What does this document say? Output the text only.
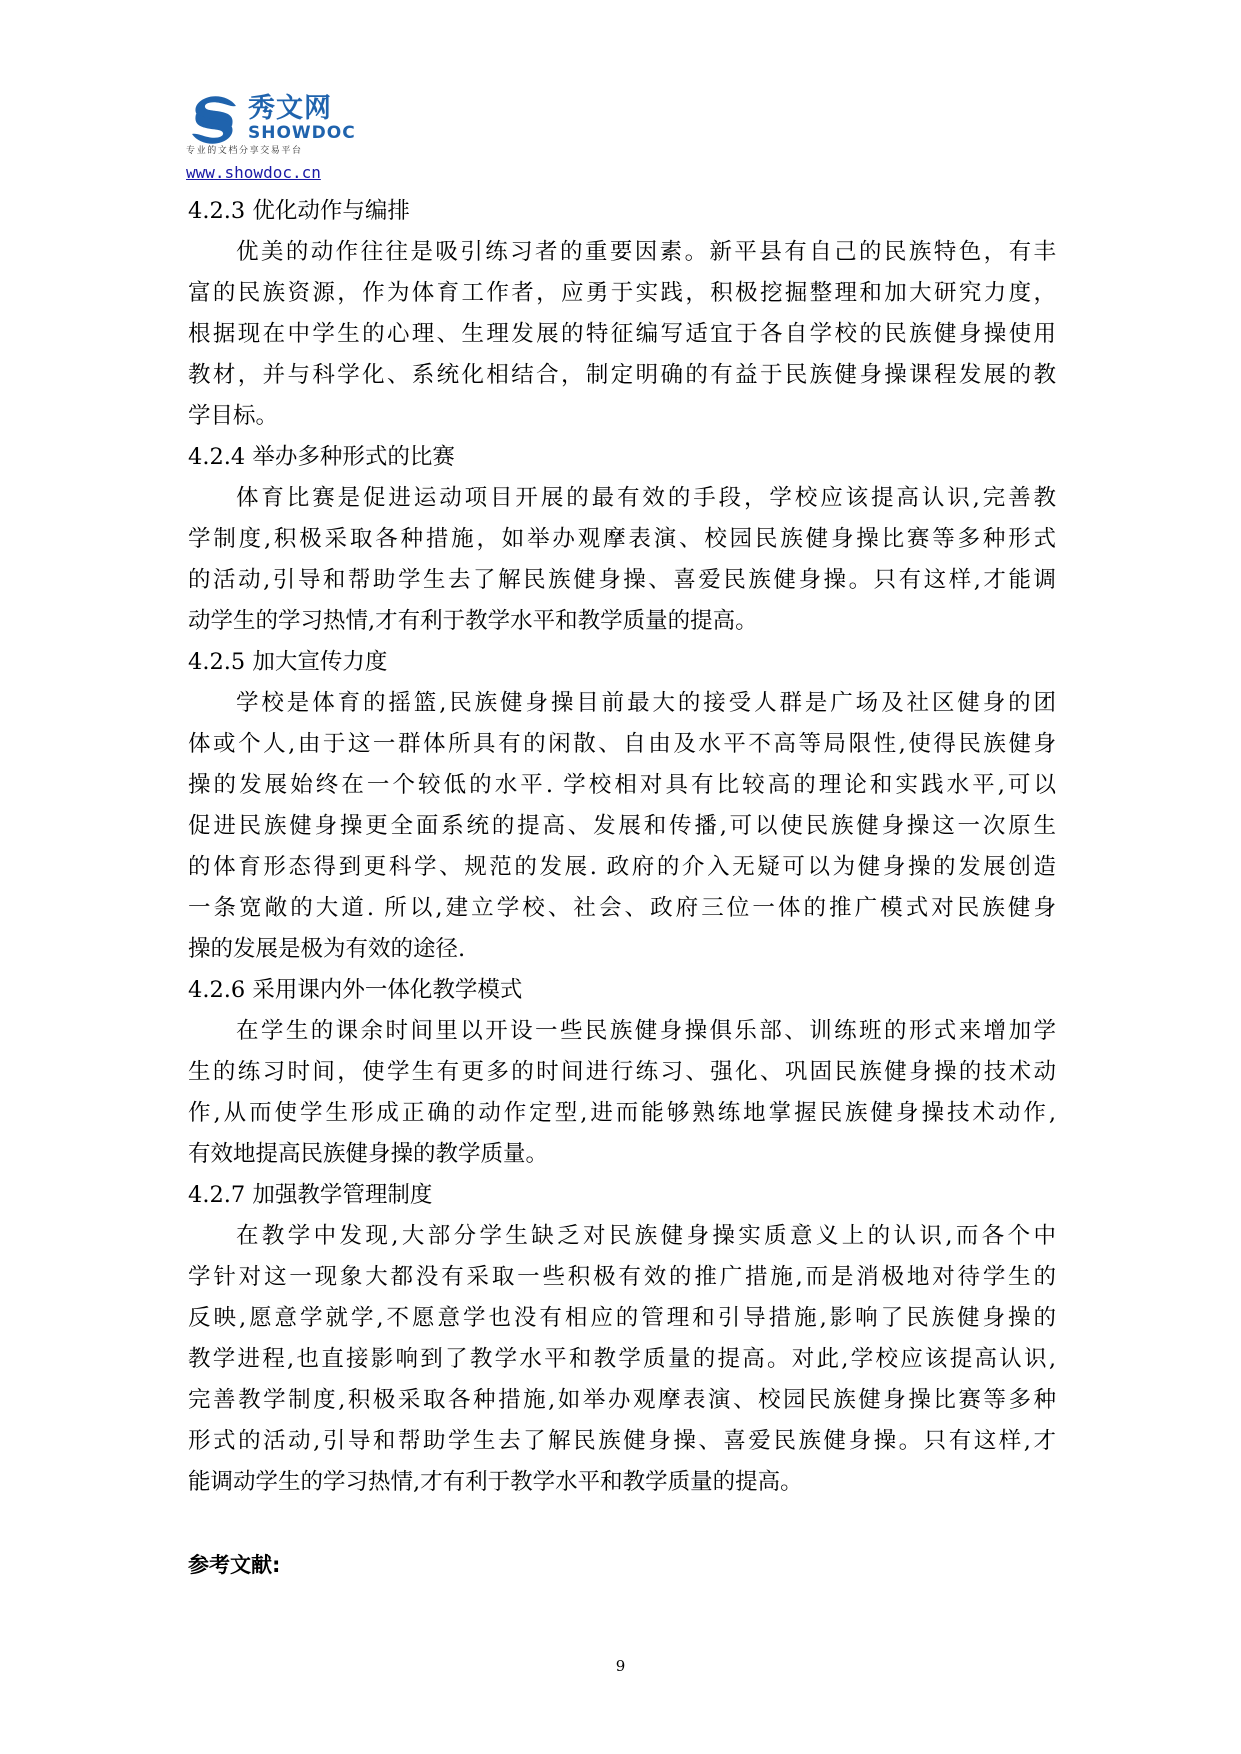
秀文网
SHOWDOC
专业的文档分享交易平台
www.showdoc.cn
4.2.3 优化动作与编排
优美的动作往往是吸引练习者的重要因素。新平县有自己的民族特色，有丰
富的民族资源，作为体育工作者，应勇于实践，积极挖掘整理和加大研究力度，
根据现在中学生的心理、生理发展的特征编写适宜于各自学校的民族健身操使用
教材，并与科学化、系统化相结合，制定明确的有益于民族健身操课程发展的教
学目标。
4.2.4 举办多种形式的比赛
体育比赛是促进运动项目开展的最有效的手段，学校应该提高认识,完善教
学制度,积极采取各种措施，如举办观摩表演、校园民族健身操比赛等多种形式
的活动,引导和帮助学生去了解民族健身操、喜爱民族健身操。只有这样,才能调
动学生的学习热情,才有利于教学水平和教学质量的提高。
4.2.5 加大宣传力度
学校是体育的摇篮,民族健身操目前最大的接受人群是广场及社区健身的团
体或个人,由于这一群体所具有的闲散、自由及水平不高等局限性,使得民族健身
操的发展始终在一个较低的水平. 学校相对具有比较高的理论和实践水平,可以
促进民族健身操更全面系统的提高、发展和传播,可以使民族健身操这一次原生
的体育形态得到更科学、规范的发展. 政府的介入无疑可以为健身操的发展创造
一条宽敞的大道. 所以,建立学校、社会、政府三位一体的推广模式对民族健身
操的发展是极为有效的途径.
4.2.6 采用课内外一体化教学模式
在学生的课余时间里以开设一些民族健身操俱乐部、训练班的形式来增加学
生的练习时间，使学生有更多的时间进行练习、强化、巩固民族健身操的技术动
作,从而使学生形成正确的动作定型,进而能够熟练地掌握民族健身操技术动作,
有效地提高民族健身操的教学质量。
4.2.7 加强教学管理制度
在教学中发现,大部分学生缺乏对民族健身操实质意义上的认识,而各个中
学针对这一现象大都没有采取一些积极有效的推广措施,而是消极地对待学生的
反映,愿意学就学,不愿意学也没有相应的管理和引导措施,影响了民族健身操的
教学进程,也直接影响到了教学水平和教学质量的提高。对此,学校应该提高认识,
完善教学制度,积极采取各种措施,如举办观摩表演、校园民族健身操比赛等多种
形式的活动,引导和帮助学生去了解民族健身操、喜爱民族健身操。只有这样,才
能调动学生的学习热情,才有利于教学水平和教学质量的提高。
参考文献:
9
